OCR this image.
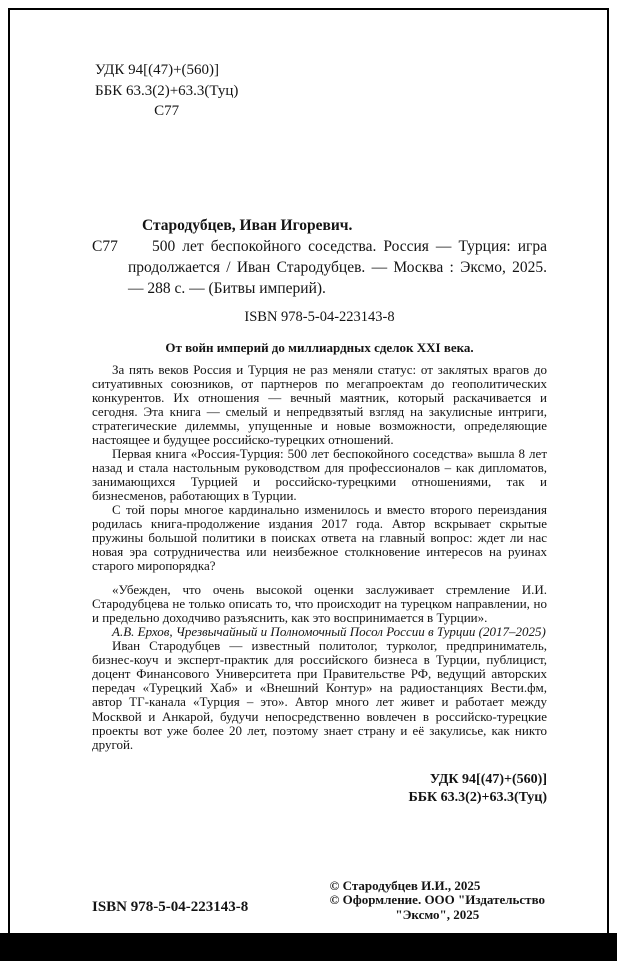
УДК 94[(47)+(560)]
ББК 63.3(2)+63.3(Туц)
С77
С77
Стародубцев, Иван Игоревич.
500 лет беспокойного соседства. Россия — Турция: игра продолжается / Иван Стародубцев. — Москва : Эксмо, 2025. — 288 с. — (Битвы империй).
ISBN 978-5-04-223143-8
От войн империй до миллиардных сделок XXI века.

За пять веков Россия и Турция не раз меняли статус: от заклятых врагов до ситуативных союзников, от партнеров по мегапроектам до геополитических конкурентов. Их отношения — вечный маятник, который раскачивается и сегодня. Эта книга — смелый и непредвзятый взгляд на закулисные интриги, стратегические дилеммы, упущенные и новые возможности, определяющие настоящее и будущее российско-турецких отношений.

Первая книга «Россия-Турция: 500 лет беспокойного соседства» вышла 8 лет назад и стала настольным руководством для профессионалов – как дипломатов, занимающихся Турцией и российско-турецкими отношениями, так и бизнесменов, работающих в Турции.

С той поры многое кардинально изменилось и вместо второго переиздания родилась книга-продолжение издания 2017 года. Автор вскрывает скрытые пружины большой политики в поисках ответа на главный вопрос: ждет ли нас новая эра сотрудничества или неизбежное столкновение интересов на руинах старого миропорядка?

«Убежден, что очень высокой оценки заслуживает стремление И.И. Стародубцева не только описать то, что происходит на турецком направлении, но и предельно доходчиво разъяснить, как это воспринимается в Турции».

А.В. Ерхов, Чрезвычайный и Полномочный Посол России в Турции (2017–2025)

Иван Стародубцев — известный политолог, турколог, предприниматель, бизнес-коуч и эксперт-практик для российского бизнеса в Турции, публицист, доцент Финансового Университета при Правительстве РФ, ведущий авторских передач «Турецкий Хаб» и «Внешний Контур» на радиостанциях Вести.фм, автор ТГ-канала «Турция – это». Автор много лет живет и работает между Москвой и Анкарой, будучи непосредственно вовлечен в российско-турецкие проекты вот уже более 20 лет, поэтому знает страну и её закулисье, как никто другой.

УДК 94[(47)+(560)]
ББК 63.3(2)+63.3(Туц)
© Стародубцев И.И., 2025
© Оформление. ООО "Издательство
"Эксмо", 2025
ISBN 978-5-04-223143-8
